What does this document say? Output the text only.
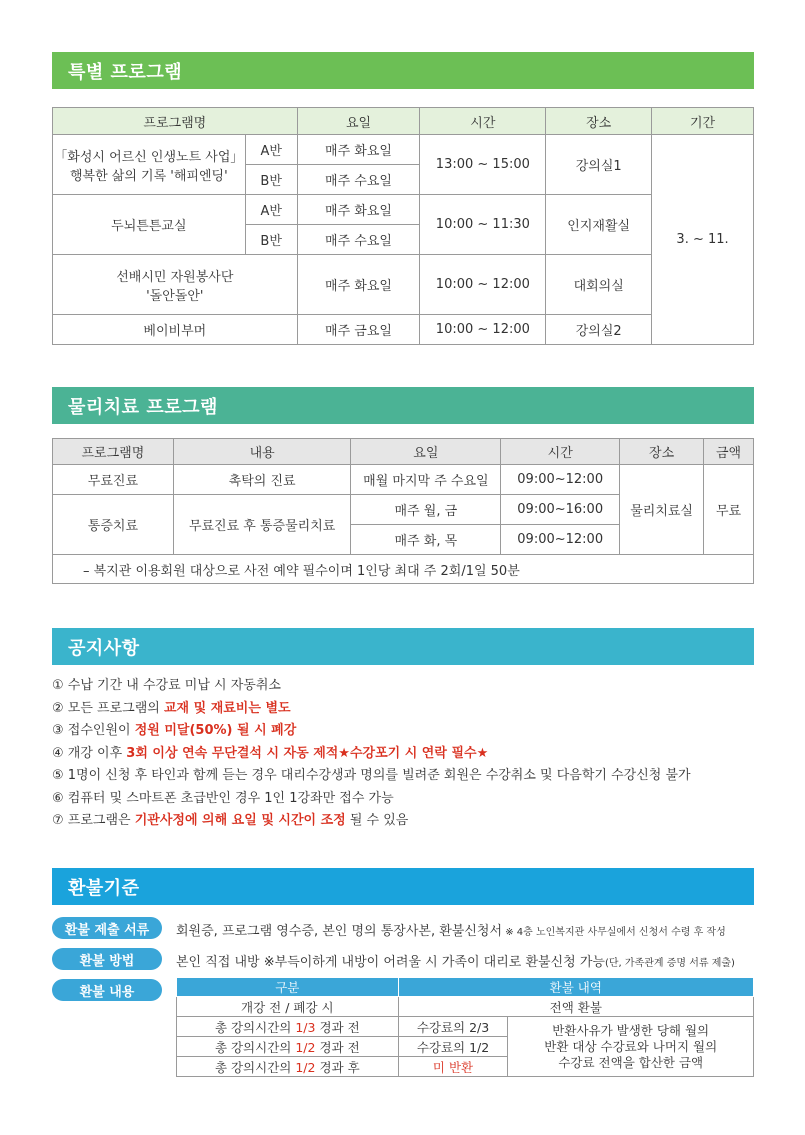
특별 프로그램
프로그램명		요일	시간	장소	기간

「화성시 어르신 인생노트 사업」
행복한 삶의 기록 '해피엔딩'	A반	매주 화요일	13:00 ~ 15:00	강의실1	3. ~ 11.
	B반	매주 수요일			
두뇌튼튼교실	A반	매주 화요일	10:00 ~ 11:30	인지재활실	
	B반	매주 수요일			

선배시민 자원봉사단
'돌안돌안'		매주 화요일	10:00 ~ 12:00	대회의실	
베이비부머		매주 금요일	10:00 ~ 12:00	강의실2	
물리치료 프로그램
프로그램명	내용	요일	시간	장소	금액
무료진료	촉탁의 진료	매월 마지막 주 수요일	09:00~12:00	물리치료실	무료
통증치료	무료진료 후 통증물리치료	매주 월, 금	09:00~16:00		
		매주 화, 목	09:00~12:00		
– 복지관 이용회원 대상으로 사전 예약 필수이며 1인당 최대 주 2회/1일 50분					
공지사항
① 수납 기간 내 수강료 미납 시 자동취소
② 모든 프로그램의 교재 및 재료비는 별도
③ 접수인원이 정원 미달(50%) 될 시 폐강
④ 개강 이후 3회 이상 연속 무단결석 시 자동 제적★수강포기 시 연락 필수★
⑤ 1명이 신청 후 타인과 함께 듣는 경우 대리수강생과 명의를 빌려준 회원은 수강취소 및 다음학기 수강신청 불가
⑥ 컴퓨터 및 스마트폰 초급반인 경우 1인 1강좌만 접수 가능
⑦ 프로그램은 기관사정에 의해 요일 및 시간이 조정 될 수 있음
환불기준
환불 제출 서류	회원증, 프로그램 영수증, 본인 명의 통장사본, 환불신청서 ※ 4층 노인복지관 사무실에서 신청서 수령 후 작성
환불 방법	본인 직접 내방 ※부득이하게 내방이 어려울 시 가족이 대리로 환불신청 가능(단, 가족관계 증명 서류 제출)
환불 내용	구분	환불 내역	
개강 전 / 폐강 시	전액 환불	
총 강의시간의 1/3 경과 전	수강료의 2/3	반환사유가 발생한 당해 월의
반환 대상 수강료와 나머지 월의
수강료 전액을 합산한 금액

총 강의시간의 1/2 경과 전	수강료의 1/2	
총 강의시간의 1/2 경과 후	미 반환	
